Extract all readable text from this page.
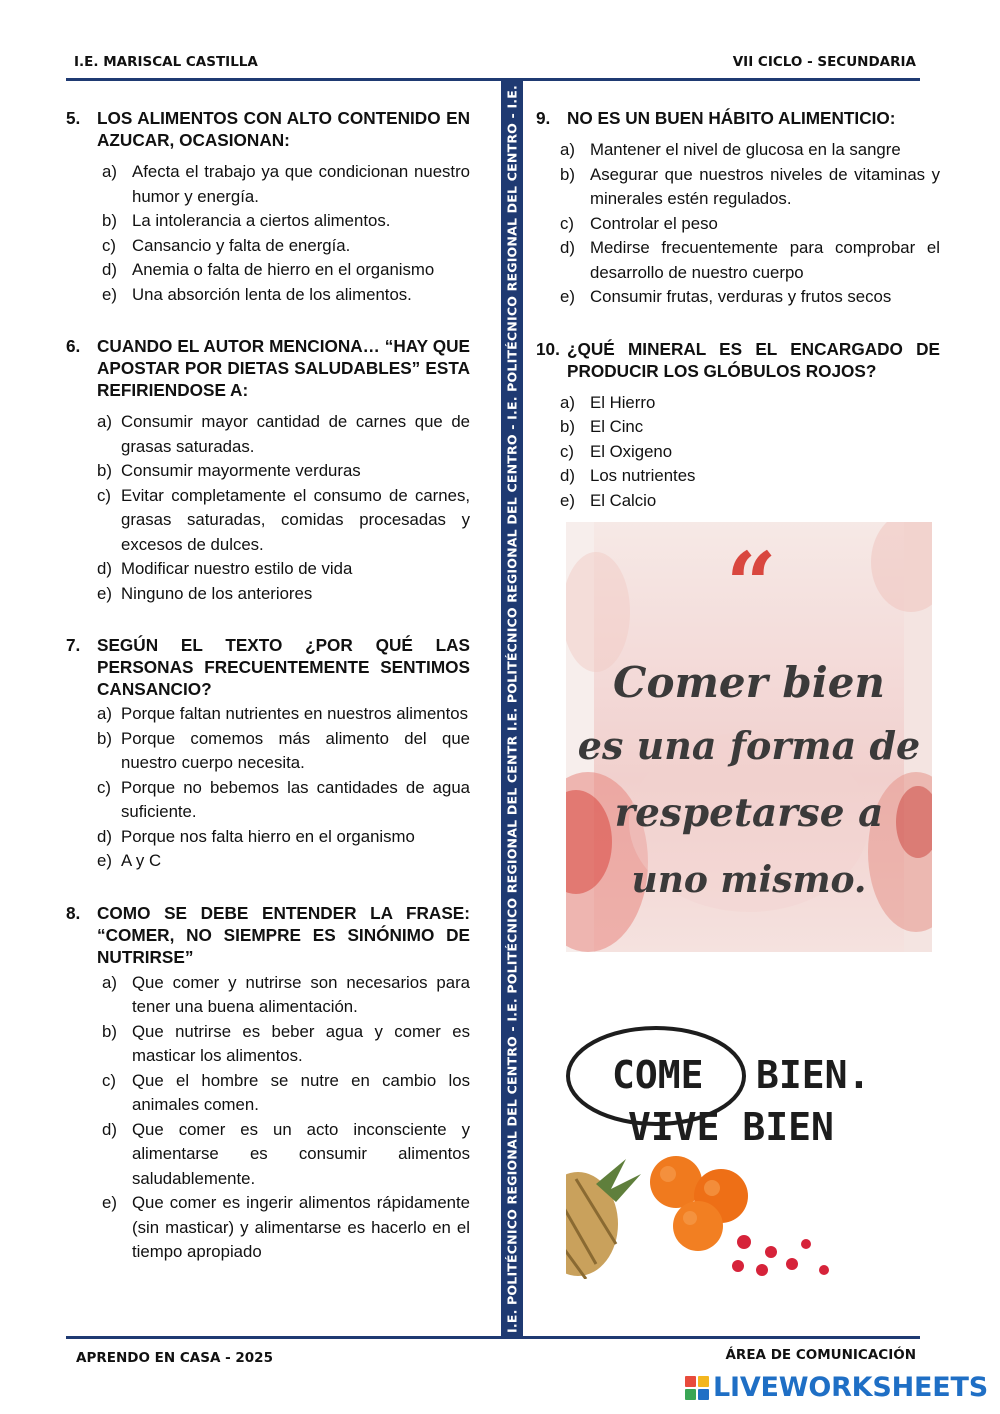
I.E. MARISCAL CASTILLA	VII CICLO - SECUNDARIA
I.E. POLITÉCNICO REGIONAL DEL CENTRO - I.E. POLITÉCNICO REGIONAL DEL CENTR I.E. POLITÉCNICO REGIONAL DEL CENTRO - I.E. POLITÉCNICO REGIONAL DEL CENTRO - I.E.
5. LOS ALIMENTOS CON ALTO CONTENIDO EN AZUCAR, OCASIONAN:
a) Afecta el trabajo ya que condicionan nuestro humor y energía.
b) La intolerancia a ciertos alimentos.
c) Cansancio y falta de energía.
d) Anemia o falta de hierro en el organismo
e) Una absorción lenta de los alimentos.
6. CUANDO EL AUTOR MENCIONA… “HAY QUE APOSTAR POR DIETAS SALUDABLES” ESTA REFIRIENDOSE A:
a) Consumir mayor cantidad de carnes que de grasas saturadas.
b) Consumir mayormente verduras
c) Evitar completamente el consumo de carnes, grasas saturadas, comidas procesadas y excesos de dulces.
d) Modificar nuestro estilo de vida
e) Ninguno de los anteriores
7. SEGÚN EL TEXTO ¿POR QUÉ LAS PERSONAS FRECUENTEMENTE SENTIMOS CANSANCIO?
a) Porque faltan nutrientes en nuestros alimentos
b) Porque comemos más alimento del que nuestro cuerpo necesita.
c) Porque no bebemos las cantidades de agua suficiente.
d) Porque nos falta hierro en el organismo
e) A y C
8. COMO SE DEBE ENTENDER LA FRASE: “COMER, NO SIEMPRE ES SINÓNIMO DE NUTRIRSE”
a) Que comer y nutrirse son necesarios para tener una buena alimentación.
b) Que nutrirse es beber agua y comer es masticar los alimentos.
c) Que el hombre se nutre en cambio los animales comen.
d) Que comer es un acto inconsciente y alimentarse es consumir alimentos saludablemente.
e) Que comer es ingerir alimentos rápidamente (sin masticar) y alimentarse es hacerlo en el tiempo apropiado
9. NO ES UN BUEN HÁBITO ALIMENTICIO:
a) Mantener el nivel de glucosa en la sangre
b) Asegurar que nuestros niveles de vitaminas y minerales estén regulados.
c) Controlar el peso
d) Medirse frecuentemente para comprobar el desarrollo de nuestro cuerpo
e) Consumir frutas, verduras y frutos secos
10. ¿QUÉ MINERAL ES EL ENCARGADO DE PRODUCIR LOS GLÓBULOS ROJOS?
a) El Hierro
b) El Cinc
c) El Oxigeno
d) Los nutrientes
e) El Calcio
“
Comer bien
es una forma de
respetarse a
uno mismo.
COME BIEN.
VIVE BIEN
APRENDO EN CASA - 2025	ÁREA DE COMUNICACIÓN
LIVEWORKSHEETS
